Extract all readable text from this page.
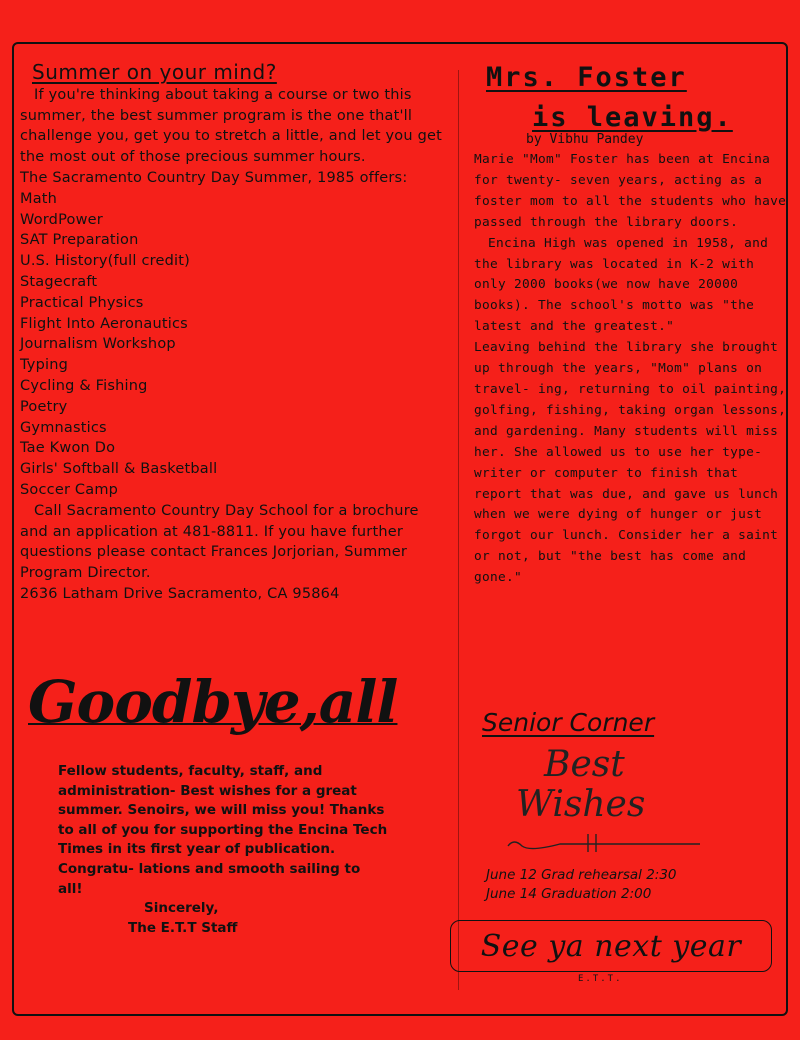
Summer on your mind?

If you're thinking about taking a course or two this summer, the best summer program is the one that'll challenge you, get you to stretch a little, and let you get the most out of those precious summer hours.

The Sacramento Country Day Summer, 1985 offers:

Math
WordPower
SAT Preparation
U.S. History(full credit)
Stagecraft
Practical Physics
Flight Into Aeronautics
Journalism Workshop
Typing
Cycling & Fishing
Poetry
Gymnastics
Tae Kwon Do
Girls' Softball & Basketball
Soccer Camp

Call Sacramento Country Day School for a brochure and an application at 481-8811. If you have further questions please contact Frances Jorjorian, Summer Program Director.

2636 Latham Drive Sacramento, CA 95864

Goodbye,all

Fellow students, faculty, staff, and administration- Best wishes for a great summer. Senoirs, we will miss you! Thanks to all of you for supporting the Encina Tech Times in its first year of publication. Congratu- lations and smooth sailing to all!

Sincerely,

The E.T.T Staff

Mrs. Foster
is leaving.
by Vibhu Pandey

Marie "Mom" Foster has been at Encina for twenty- seven years, acting as a foster mom to all the students who have passed through the library doors.

Encina High was opened in 1958, and the library was located in K-2 with only 2000 books(we now have 20000 books). The school's motto was "the latest and the greatest."

Leaving behind the library she brought up through the years, "Mom" plans on travel- ing, returning to oil painting, golfing, fishing, taking organ lessons, and gardening. Many students will miss her. She allowed us to use her type- writer or computer to finish that report that was due, and gave us lunch when we were dying of hunger or just forgot our lunch. Consider her a saint or not, but "the best has come and gone."

Senior Corner
Best
Wishes

June 12 Grad rehearsal 2:30

June 14 Graduation 2:00

See ya next year
E.T.T.
